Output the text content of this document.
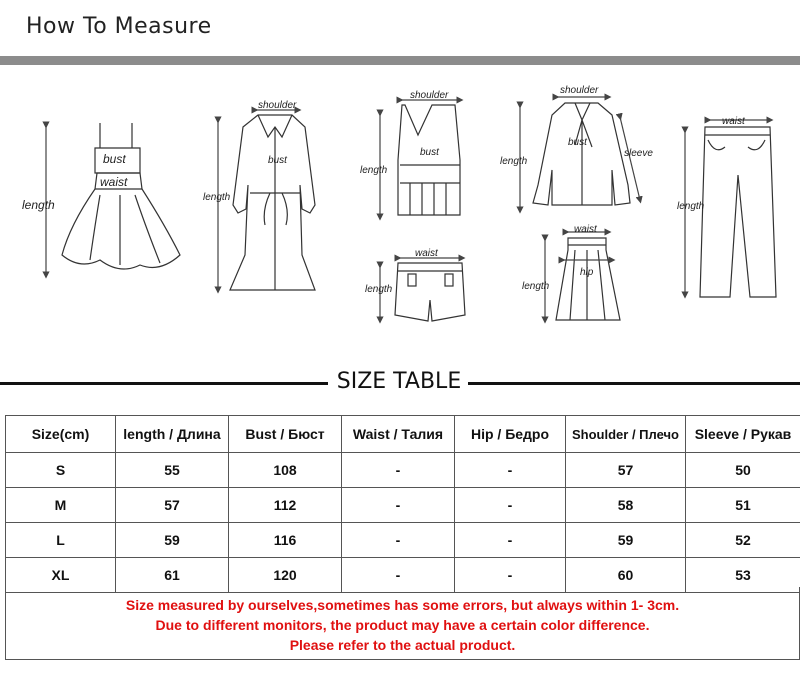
How To Measure
bust
waist
length
shoulder
bust
length
shoulder
bust
length
waist
length
shoulder
bust
length
sleeve
waist
hip
length
waist
length
SIZE TABLE
Size(cm)	length / Длина	Bust / Бюст	Waist / Талия	Hip / Бедро	Shoulder / Плечо	Sleeve / Рукав
S	55	108	-	-	57	50
M	57	112	-	-	58	51
L	59	116	-	-	59	52
XL	61	120	-	-	60	53
Size measured by ourselves,sometimes has some errors, but always within 1- 3cm.
Due to different monitors, the product may have a certain color difference.
Please refer to the actual product.
